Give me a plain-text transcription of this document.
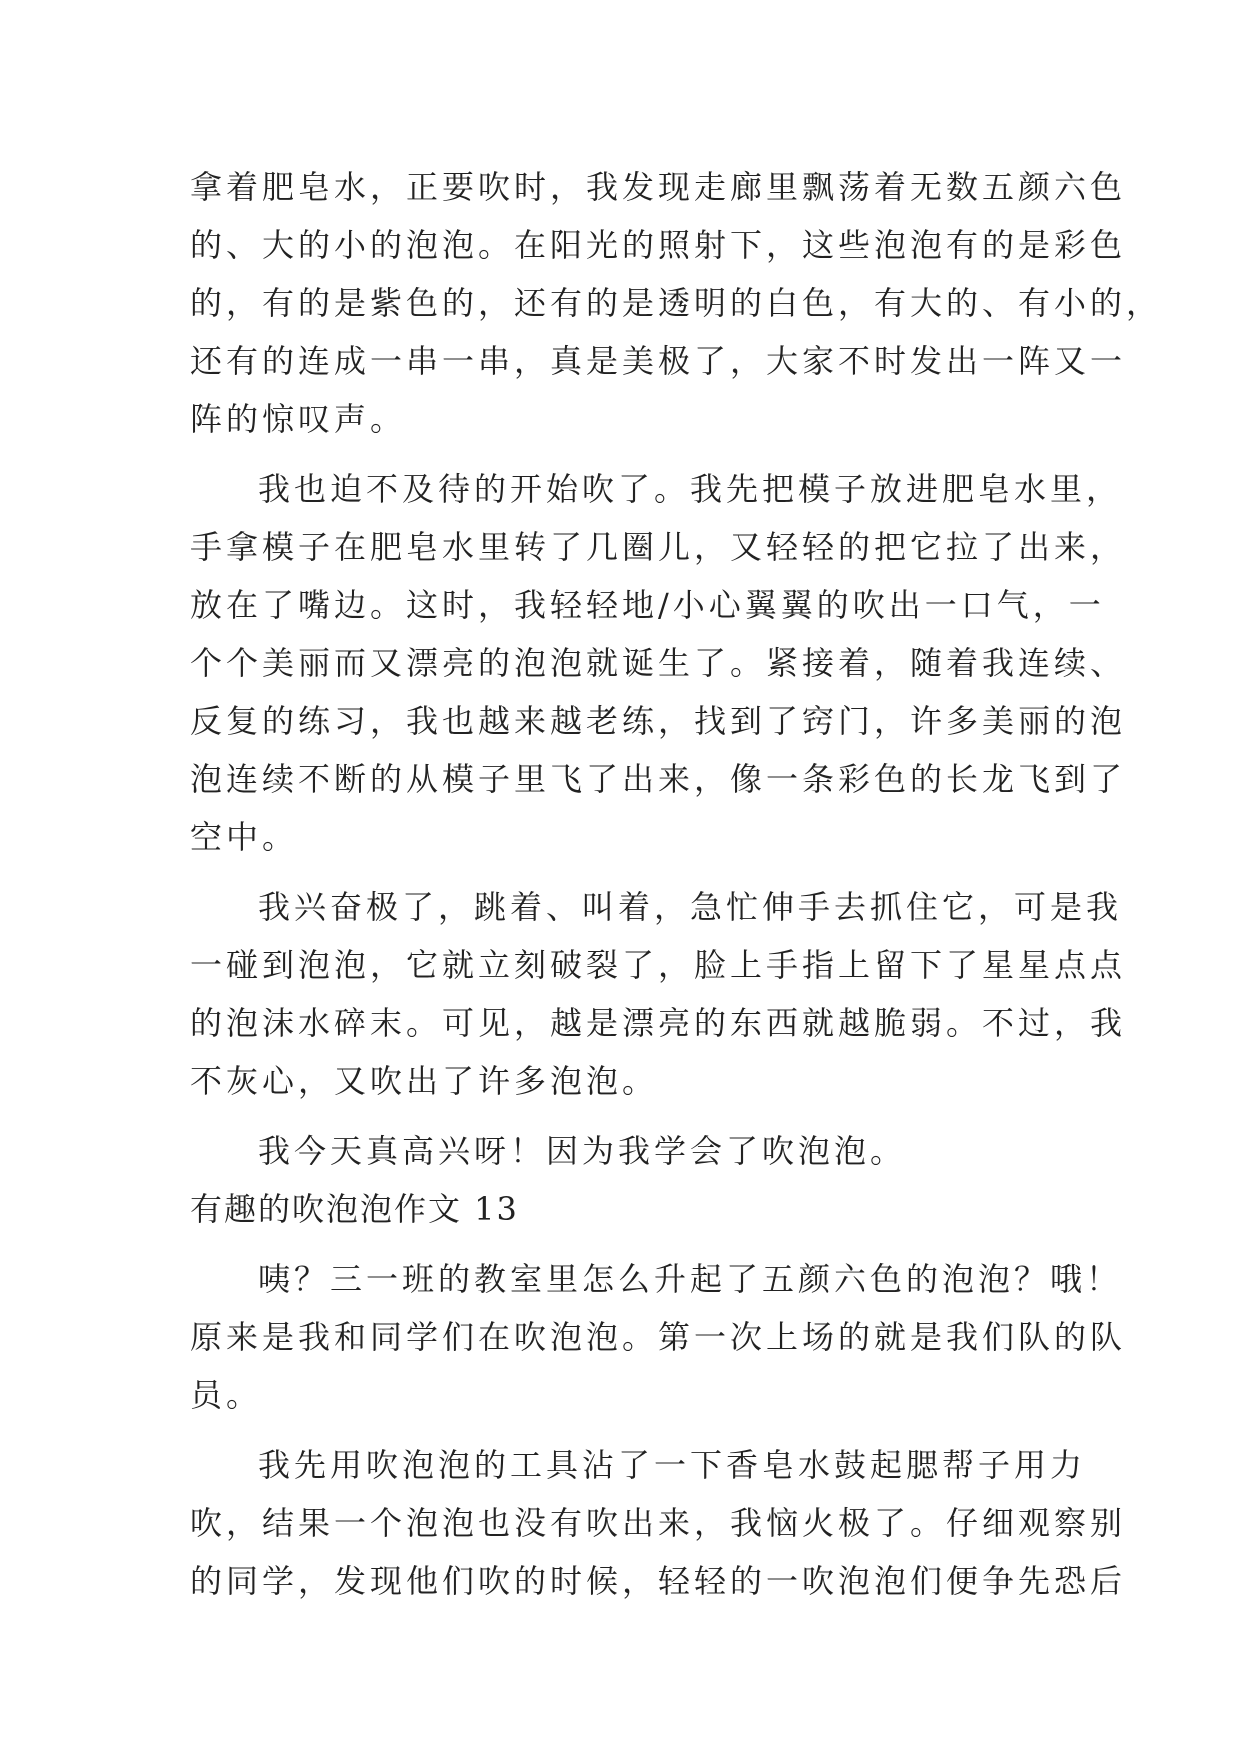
拿着肥皂水，正要吹时，我发现走廊里飘荡着无数五颜六色
的、大的小的泡泡。在阳光的照射下，这些泡泡有的是彩色
的，有的是紫色的，还有的是透明的白色，有大的、有小的，
还有的连成一串一串，真是美极了，大家不时发出一阵又一
阵的惊叹声。
我也迫不及待的开始吹了。我先把模子放进肥皂水里，
手拿模子在肥皂水里转了几圈儿，又轻轻的把它拉了出来，
放在了嘴边。这时，我轻轻地/小心翼翼的吹出一口气，一
个个美丽而又漂亮的泡泡就诞生了。紧接着，随着我连续、
反复的练习，我也越来越老练，找到了窍门，许多美丽的泡
泡连续不断的从模子里飞了出来，像一条彩色的长龙飞到了
空中。
我兴奋极了，跳着、叫着，急忙伸手去抓住它，可是我
一碰到泡泡，它就立刻破裂了，脸上手指上留下了星星点点
的泡沫水碎末。可见，越是漂亮的东西就越脆弱。不过，我
不灰心，又吹出了许多泡泡。
我今天真高兴呀！因为我学会了吹泡泡。
有趣的吹泡泡作文 13
咦？三一班的教室里怎么升起了五颜六色的泡泡？哦！
原来是我和同学们在吹泡泡。第一次上场的就是我们队的队
员。
我先用吹泡泡的工具沾了一下香皂水鼓起腮帮子用力
吹，结果一个泡泡也没有吹出来，我恼火极了。仔细观察别
的同学，发现他们吹的时候，轻轻的一吹泡泡们便争先恐后
